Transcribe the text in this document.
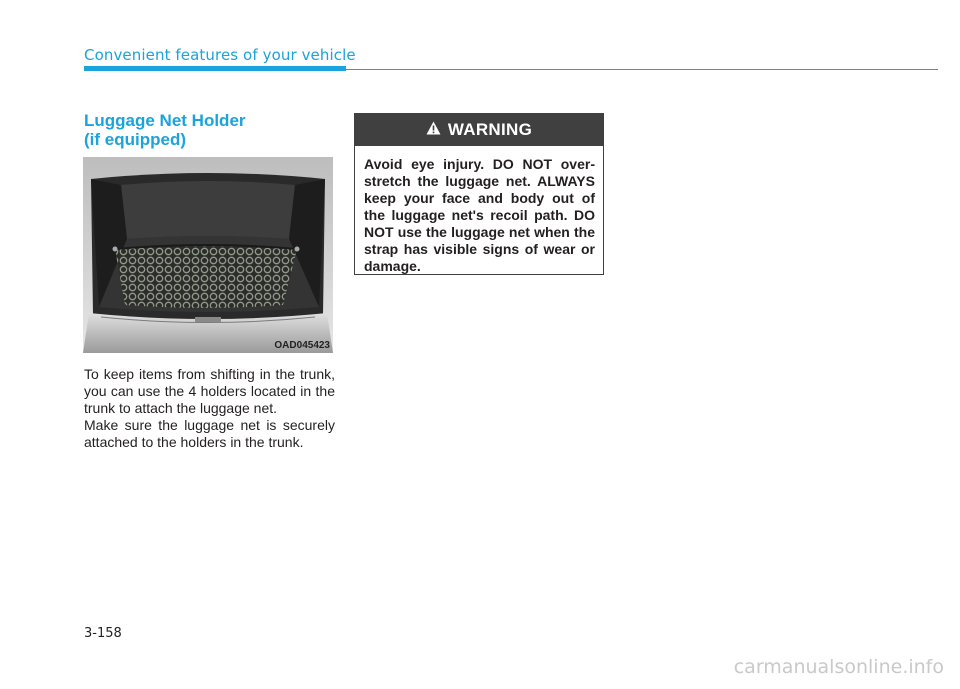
Convenient features of your vehicle
Luggage Net Holder
(if equipped)
OAD045423
To keep items from shifting in the trunk, you can use the 4 holders located in the trunk to attach the luggage net.
Make sure the luggage net is securely attached to the holders in the trunk.
WARNING
Avoid eye injury. DO NOT over-stretch the luggage net. ALWAYS keep your face and body out of the luggage net's recoil path. DO NOT use the luggage net when the strap has visible signs of wear or damage.
3-158
carmanualsonline.info
